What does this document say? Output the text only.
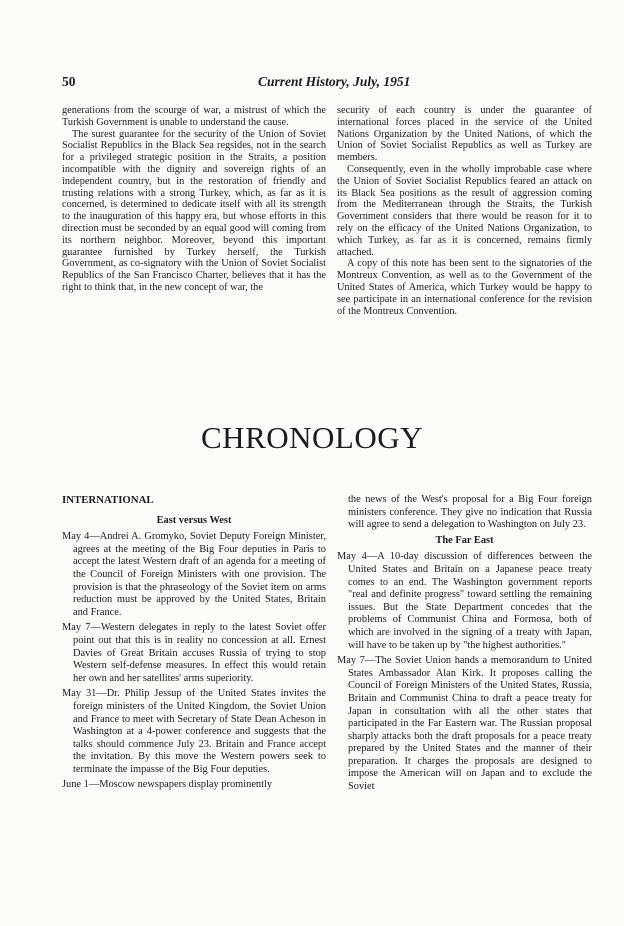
50	Current History, July, 1951

generations from the scourge of war, a mistrust of which the Turkish Government is unable to understand the cause.

The surest guarantee for the security of the Union of Soviet Socialist Republics in the Black Sea regsides, not in the search for a privileged strategic position in the Straits, a position incompatible with the dignity and sovereign rights of an independent country, but in the restoration of friendly and trusting relations with a strong Turkey, which, as far as it is concerned, is determined to dedicate itself with all its strength to the inauguration of this happy era, but whose efforts in this direction must be seconded by an equal good will coming from its northern neighbor. Moreover, beyond this important guarantee furnished by Turkey herself, the Turkish Government, as co-signatory with the Union of Soviet Socialist Republics of the San Francisco Charter, believes that it has the right to think that, in the new concept of war, the

security of each country is under the guarantee of international forces placed in the service of the United Nations Organization by the United Nations, of which the Union of Soviet Socialist Republics as well as Turkey are members.

Consequently, even in the wholly improbable case where the Union of Soviet Socialist Republics feared an attack on its Black Sea positions as the result of aggression coming from the Mediterranean through the Straits, the Turkish Government considers that there would be reason for it to rely on the efficacy of the United Nations Organization, to which Turkey, as far as it is concerned, remains firmly attached.

A copy of this note has been sent to the signatories of the Montreux Convention, as well as to the Government of the United States of America, which Turkey would be happy to see participate in an international conference for the revision of the Montreux Convention.

CHRONOLOGY

INTERNATIONAL

East versus West

May 4—Andrei A. Gromyko, Soviet Deputy Foreign Minister, agrees at the meeting of the Big Four deputies in Paris to accept the latest Western draft of an agenda for a meeting of the Council of Foreign Ministers with one provision. The provision is that the phraseology of the Soviet item on arms reduction must be approved by the United States, Britain and France.

May 7—Western delegates in reply to the latest Soviet offer point out that this is in reality no concession at all. Ernest Davies of Great Britain accuses Russia of trying to stop Western self-defense measures. In effect this would retain her own and her satellites' arms superiority.

May 31—Dr. Philip Jessup of the United States invites the foreign ministers of the United Kingdom, the Soviet Union and France to meet with Secretary of State Dean Acheson in Washington at a 4-power conference and suggests that the talks should commence July 23. Britain and France accept the invitation. By this move the Western powers seek to terminate the impasse of the Big Four deputies.

June 1—Moscow newspapers display prominently

the news of the West's proposal for a Big Four foreign ministers conference. They give no indication that Russia will agree to send a delegation to Washington on July 23.

The Far East

May 4—A 10-day discussion of differences between the United States and Britain on a Japanese peace treaty comes to an end. The Washington government reports "real and definite progress" toward settling the remaining issues. But the State Department concedes that the problems of Communist China and Formosa, both of which are involved in the signing of a treaty with Japan, will have to be taken up by "the highest authorities."

May 7—The Soviet Union hands a memorandum to United States Ambassador Alan Kirk. It proposes calling the Council of Foreign Ministers of the United States, Russia, Britain and Communist China to draft a peace treaty for Japan in consultation with all the other states that participated in the Far Eastern war. The Russian proposal sharply attacks both the draft proposals for a peace treaty prepared by the United States and the manner of their preparation. It charges the proposals are designed to impose the American will on Japan and to exclude the Soviet
